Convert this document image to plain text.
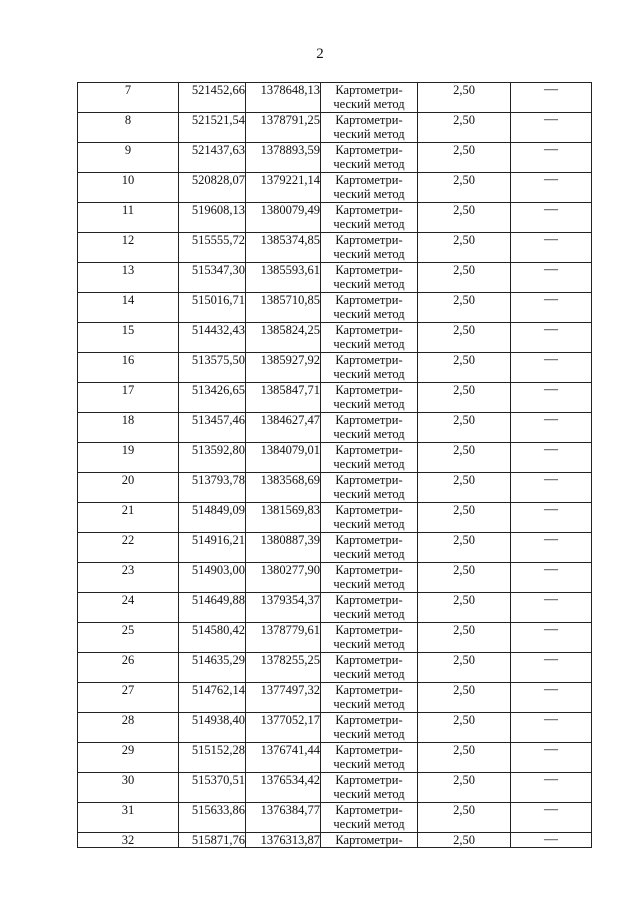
2
7	521452,66	1378648,13	Картометри-
ческий метод	2,50	—
8	521521,54	1378791,25	Картометри-
ческий метод	2,50	—
9	521437,63	1378893,59	Картометри-
ческий метод	2,50	—
10	520828,07	1379221,14	Картометри-
ческий метод	2,50	—
11	519608,13	1380079,49	Картометри-
ческий метод	2,50	—
12	515555,72	1385374,85	Картометри-
ческий метод	2,50	—
13	515347,30	1385593,61	Картометри-
ческий метод	2,50	—
14	515016,71	1385710,85	Картометри-
ческий метод	2,50	—
15	514432,43	1385824,25	Картометри-
ческий метод	2,50	—
16	513575,50	1385927,92	Картометри-
ческий метод	2,50	—
17	513426,65	1385847,71	Картометри-
ческий метод	2,50	—
18	513457,46	1384627,47	Картометри-
ческий метод	2,50	—
19	513592,80	1384079,01	Картометри-
ческий метод	2,50	—
20	513793,78	1383568,69	Картометри-
ческий метод	2,50	—
21	514849,09	1381569,83	Картометри-
ческий метод	2,50	—
22	514916,21	1380887,39	Картометри-
ческий метод	2,50	—
23	514903,00	1380277,90	Картометри-
ческий метод	2,50	—
24	514649,88	1379354,37	Картометри-
ческий метод	2,50	—
25	514580,42	1378779,61	Картометри-
ческий метод	2,50	—
26	514635,29	1378255,25	Картометри-
ческий метод	2,50	—
27	514762,14	1377497,32	Картометри-
ческий метод	2,50	—
28	514938,40	1377052,17	Картометри-
ческий метод	2,50	—
29	515152,28	1376741,44	Картометри-
ческий метод	2,50	—
30	515370,51	1376534,42	Картометри-
ческий метод	2,50	—
31	515633,86	1376384,77	Картометри-
ческий метод	2,50	—
32	515871,76	1376313,87	Картометри-	2,50	—
